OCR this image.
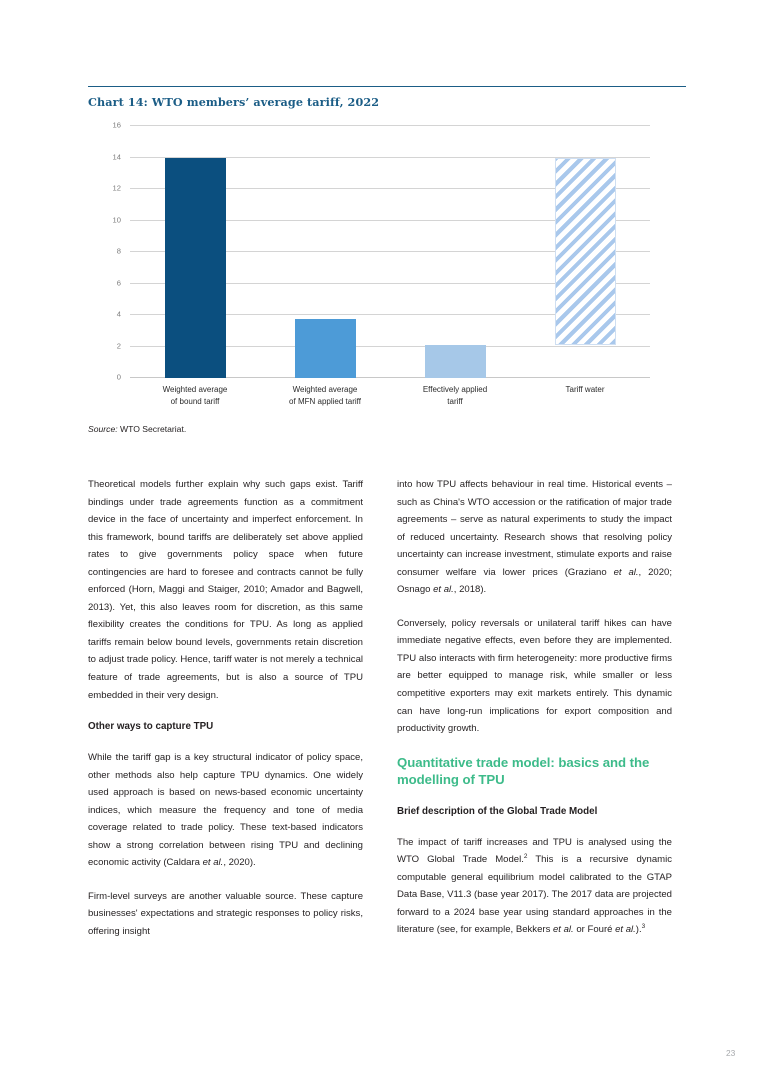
Chart 14: WTO members’ average tariff, 2022
0
2
4
6
8
10
12
14
16
Weighted average
of bound tariff
Weighted average
of MFN applied tariff
Effectively applied
tariff
Tariff water
Source: WTO Secretariat.

Theoretical models further explain why such gaps exist. Tariff bindings under trade agreements function as a commitment device in the face of uncertainty and imperfect enforcement. In this framework, bound tariffs are deliberately set above applied rates to give governments policy space when future contingencies are hard to foresee and contracts cannot be fully enforced (Horn, Maggi and Staiger, 2010; Amador and Bagwell, 2013). Yet, this also leaves room for discretion, as this same flexibility creates the conditions for TPU. As long as applied tariffs remain below bound levels, governments retain discretion to adjust trade policy. Hence, tariff water is not merely a technical feature of trade agreements, but is also a source of TPU embedded in their very design.

Other ways to capture TPU

While the tariff gap is a key structural indicator of policy space, other methods also help capture TPU dynamics. One widely used approach is based on news-based economic uncertainty indices, which measure the frequency and tone of media coverage related to trade policy. These text-based indicators show a strong correlation between rising TPU and declining economic activity (Caldara et al., 2020).

Firm-level surveys are another valuable source. These capture businesses' expectations and strategic responses to policy risks, offering insight

into how TPU affects behaviour in real time. Historical events – such as China's WTO accession or the ratification of major trade agreements – serve as natural experiments to study the impact of reduced uncertainty. Research shows that resolving policy uncertainty can increase investment, stimulate exports and raise consumer welfare via lower prices (Graziano et al., 2020; Osnago et al., 2018).

Conversely, policy reversals or unilateral tariff hikes can have immediate negative effects, even before they are implemented. TPU also interacts with firm heterogeneity: more productive firms are better equipped to manage risk, while smaller or less competitive exporters may exit markets entirely. This dynamic can have long-run implications for export composition and productivity growth.

Quantitative trade model: basics and the modelling of TPU
Brief description of the Global Trade Model

The impact of tariff increases and TPU is analysed using the WTO Global Trade Model.$^2$ This is a recursive dynamic computable general equilibrium model calibrated to the GTAP Data Base, V11.3 (base year 2017). The 2017 data are projected forward to a 2024 base year using standard approaches in the literature (see, for example, Bekkers et al. or Fouré et al.).$^3$

23
